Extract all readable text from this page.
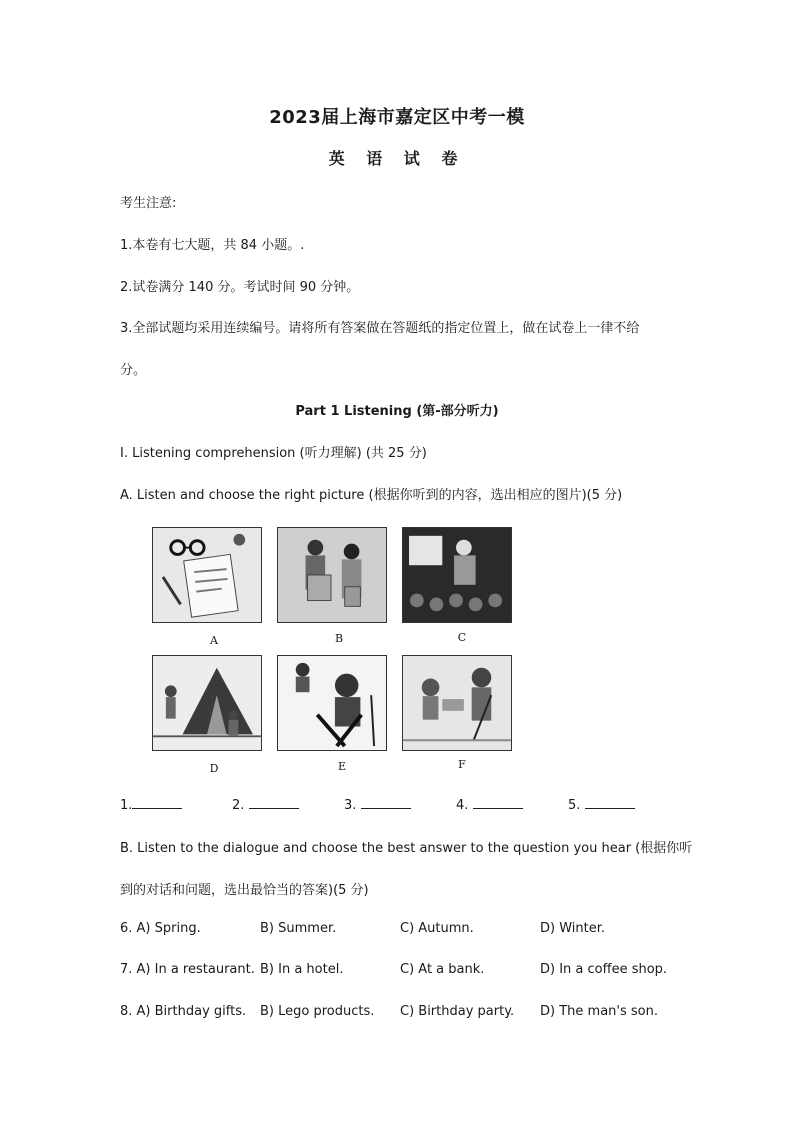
2023届上海市嘉定区中考一模
英 语 试 卷
考生注意:
1.本卷有七大题，共 84 小题。.
2.试卷满分 140 分。考试时间 90 分钟。
3.全部试题均采用连续编号。请将所有答案做在答题纸的指定位置上，做在试卷上一律不给
分。
Part 1 Listening (第-部分听力)
I. Listening comprehension (听力理解) (共 25 分)
A. Listen and choose the right picture (根据你听到的内容，选出相应的图片)(5 分)
A	B	C
D	E	F
1.	2.	3.	4.	5.
B. Listen to the dialogue and choose the best answer to the question you hear (根据你听
到的对话和问题，选出最恰当的答案)(5 分)
6. A) Spring.	B) Summer.	C) Autumn.	D) Winter.
7. A) In a restaurant. B) In a hotel.	C) At a bank.	D) In a coffee shop.
8. A) Birthday gifts. B) Lego products. C) Birthday party. D) The man's son.
